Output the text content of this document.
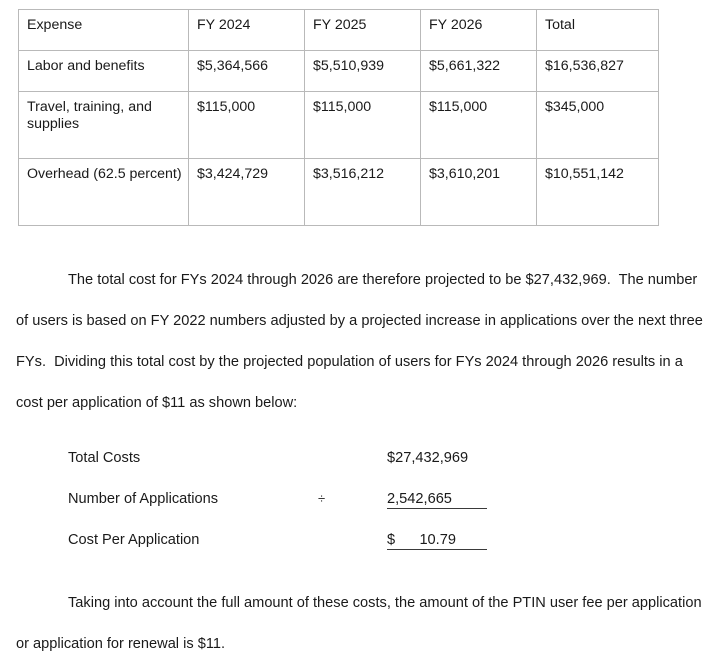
Expense	FY 2024	FY 2025	FY 2026	Total
Labor and benefits	$5,364,566	$5,510,939	$5,661,322	$16,536,827
Travel, training, and supplies	$115,000	$115,000	$115,000	$345,000
Overhead (62.5 percent)	$3,424,729	$3,516,212	$3,610,201	$10,551,142

The total cost for FYs 2024 through 2026 are therefore projected to be $27,432,969.  The number of users is based on FY 2022 numbers adjusted by a projected increase in applications over the next three FYs.  Dividing this total cost by the projected population of users for FYs 2024 through 2026 results in a cost per application of $11 as shown below:

Total Costs	$27,432,969
Number of Applications	÷	2,542,665
Cost Per Application	$      10.79

Taking into account the full amount of these costs, the amount of the PTIN user fee per application or application for renewal is $11.
